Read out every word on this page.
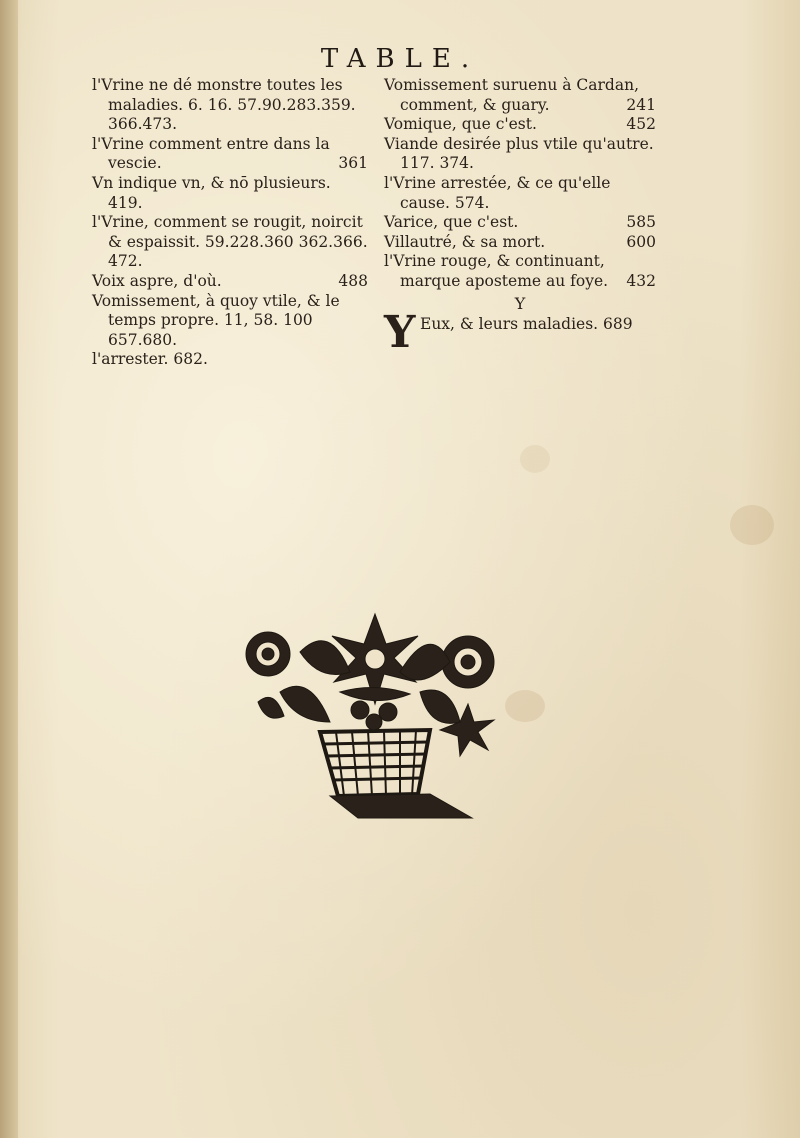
TABLE.
l'Vrine ne dé monstre toutes les maladies. 6. 16. 57.90.283.359. 366.473.
l'Vrine comment entre dans la vescie.	361
Vn indique vn, & nō plusieurs. 419.
l'Vrine, comment se rougit, noircit & espaissit. 59.228.360 362.366. 472.
Voix aspre, d'où.	488
Vomissement, à quoy vtile, & le temps propre. 11, 58. 100 657.680.
l'arrester. 682.
Vomissement suruenu à Cardan, comment, & guary.	241
Vomique, que c'est.	452
Viande desirée plus vtile qu'autre. 117. 374.
l'Vrine arrestée, & ce qu'elle cause. 574.
Varice, que c'est.	585
Villautré, & sa mort.	600
l'Vrine rouge, & continuant, marque aposteme au foye. 432
Y
Y Eux, & leurs maladies. 689
